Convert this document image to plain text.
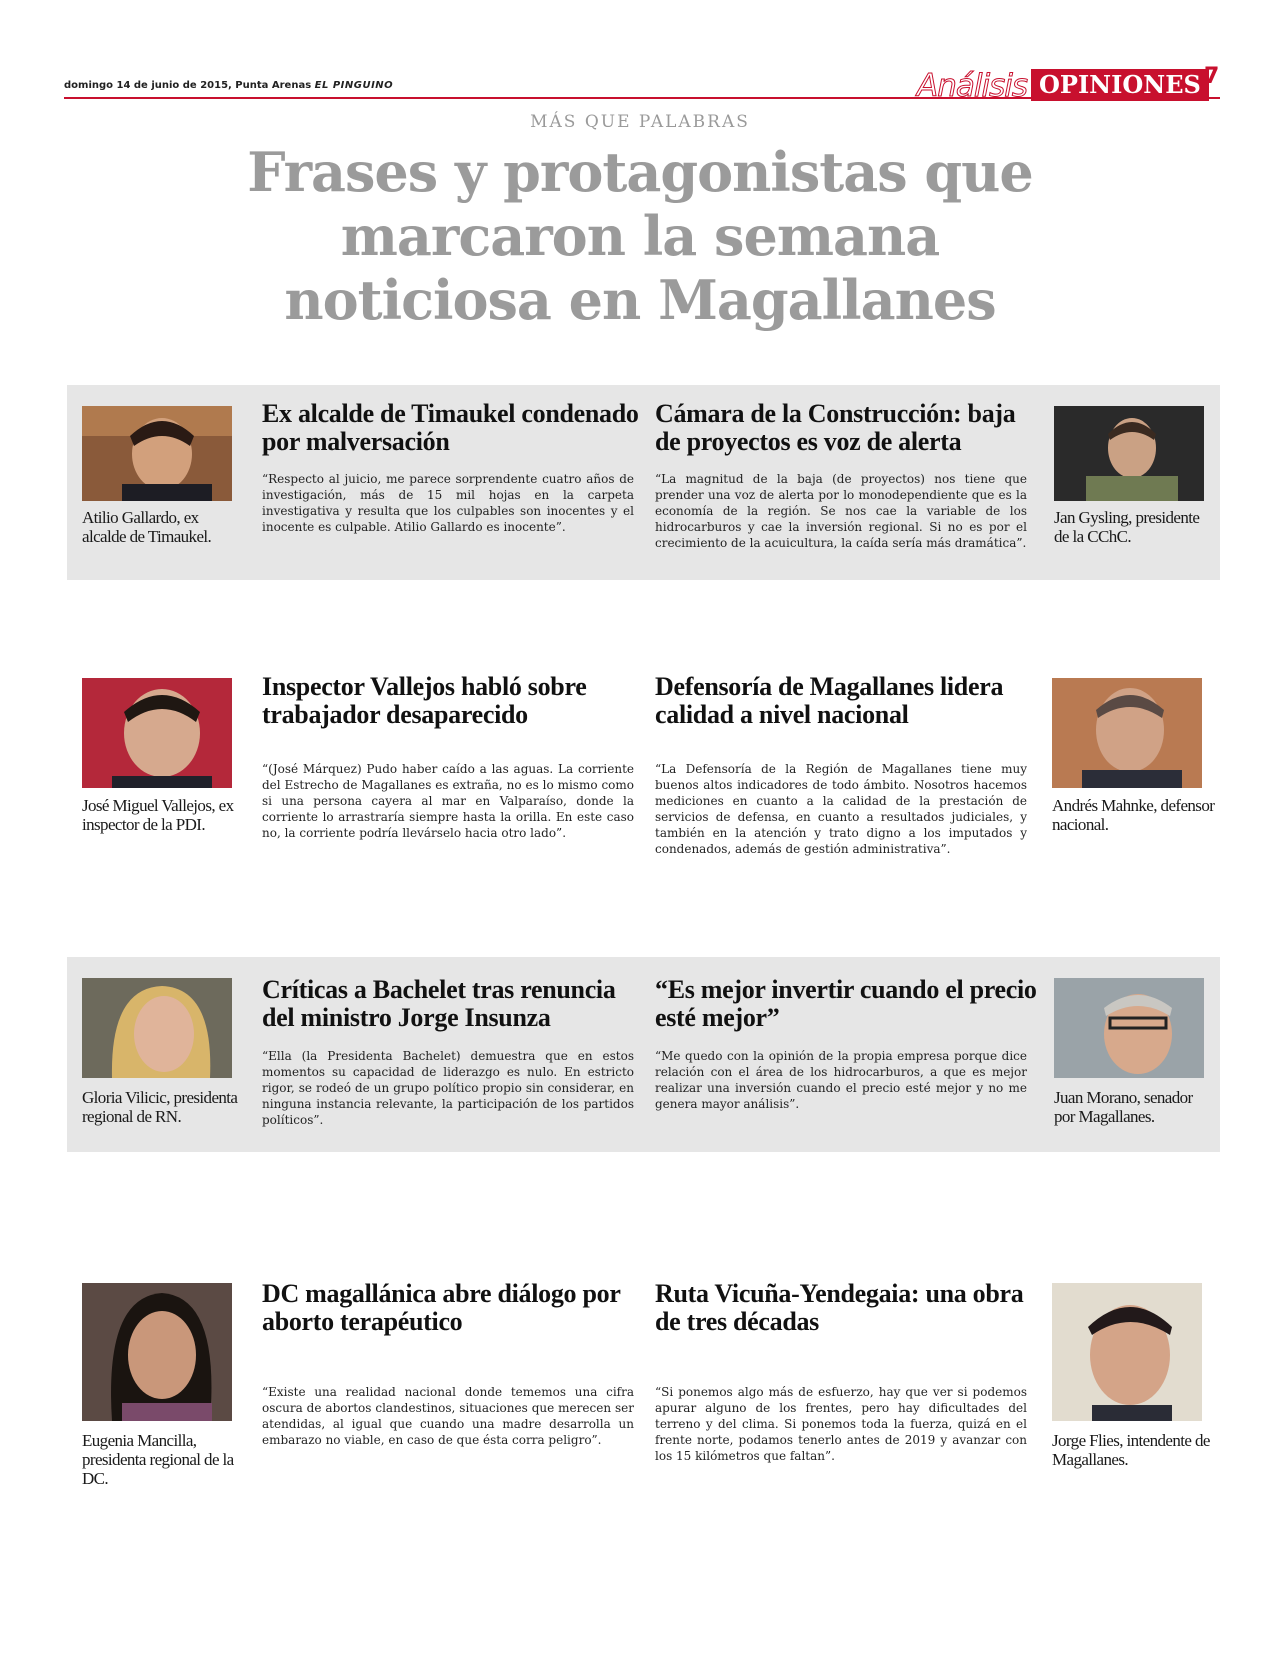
domingo 14 de junio de 2015, Punta Arenas EL PINGUINO	Análisis OPINIONES 7
MÁS QUE PALABRAS
Frases y protagonistas que marcaron la semana noticiosa en Magallanes
Atilio Gallardo, ex alcalde de Timaukel.
Ex alcalde de Timaukel condenado por malversación
“Respecto al juicio, me parece sorprendente cuatro años de investigación, más de 15 mil hojas en la carpeta investigativa y resulta que los culpables son inocentes y el inocente es culpable. Atilio Gallardo es inocente”.
Cámara de la Construcción: baja de proyectos es voz de alerta
“La magnitud de la baja (de proyectos) nos tiene que prender una voz de alerta por lo monodependiente que es la economía de la región. Se nos cae la variable de los hidrocarburos y cae la inversión regional. Si no es por el crecimiento de la acuicultura, la caída sería más dramática”.
Jan Gysling, presidente de la CChC.
José Miguel Vallejos, ex inspector de la PDI.
Inspector Vallejos habló sobre trabajador desaparecido
“(José Márquez) Pudo haber caído a las aguas. La corriente del Estrecho de Magallanes es extraña, no es lo mismo como si una persona cayera al mar en Valparaíso, donde la corriente lo arrastraría siempre hasta la orilla. En este caso no, la corriente podría llevárselo hacia otro lado”.
Defensoría de Magallanes lidera calidad a nivel nacional
“La Defensoría de la Región de Magallanes tiene muy buenos altos indicadores de todo ámbito. Nosotros hacemos mediciones en cuanto a la calidad de la prestación de servicios de defensa, en cuanto a resultados judiciales, y también en la atención y trato digno a los imputados y condenados, además de gestión administrativa”.
Andrés Mahnke, defensor nacional.
Gloria Vilicic, presidenta regional de RN.
Críticas a Bachelet tras renuncia del ministro Jorge Insunza
“Ella (la Presidenta Bachelet) demuestra que en estos momentos su capacidad de liderazgo es nulo. En estricto rigor, se rodeó de un grupo político propio sin considerar, en ninguna instancia relevante, la participación de los partidos políticos”.
“Es mejor invertir cuando el precio esté mejor”
“Me quedo con la opinión de la propia empresa porque dice relación con el área de los hidrocarburos, a que es mejor realizar una inversión cuando el precio esté mejor y no me genera mayor análisis”.	Juan Morano, senador por Magallanes.
Eugenia Mancilla, presidenta regional de la DC.
DC magallánica abre diálogo por aborto terapéutico
“Existe una realidad nacional donde tememos una cifra oscura de abortos clandestinos, situaciones que merecen ser atendidas, al igual que cuando una madre desarrolla un embarazo no viable, en caso de que ésta corra peligro”.
Ruta Vicuña-Yendegaia: una obra de tres décadas
“Si ponemos algo más de esfuerzo, hay que ver si podemos apurar alguno de los frentes, pero hay dificultades del terreno y del clima. Si ponemos toda la fuerza, quizá en el frente norte, podamos tenerlo antes de 2019 y avanzar con los 15 kilómetros que faltan”.
Jorge Flies, intendente de Magallanes.
